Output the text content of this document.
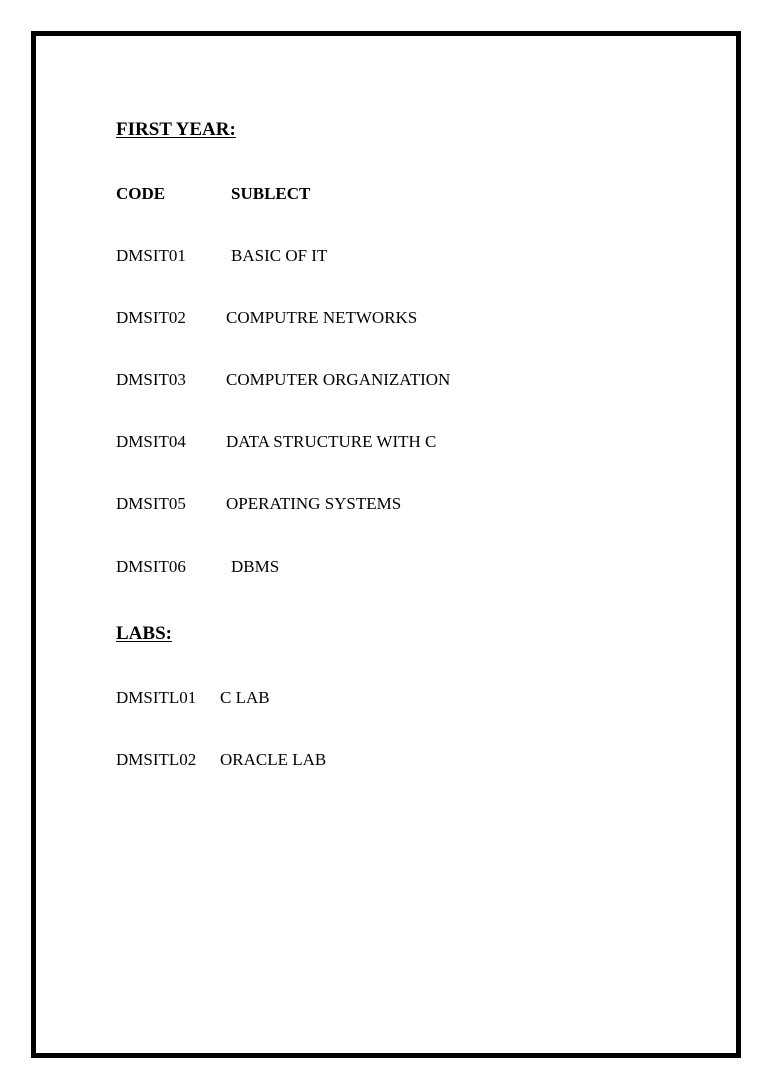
FIRST YEAR:
CODE	SUBLECT
DMSIT01	BASIC OF IT
DMSIT02 COMPUTRE NETWORKS
DMSIT03 COMPUTER ORGANIZATION
DMSIT04 DATA STRUCTURE WITH C
DMSIT05 OPERATING SYSTEMS
DMSIT06	DBMS
LABS:
DMSITL01 C LAB
DMSITL02 ORACLE LAB
